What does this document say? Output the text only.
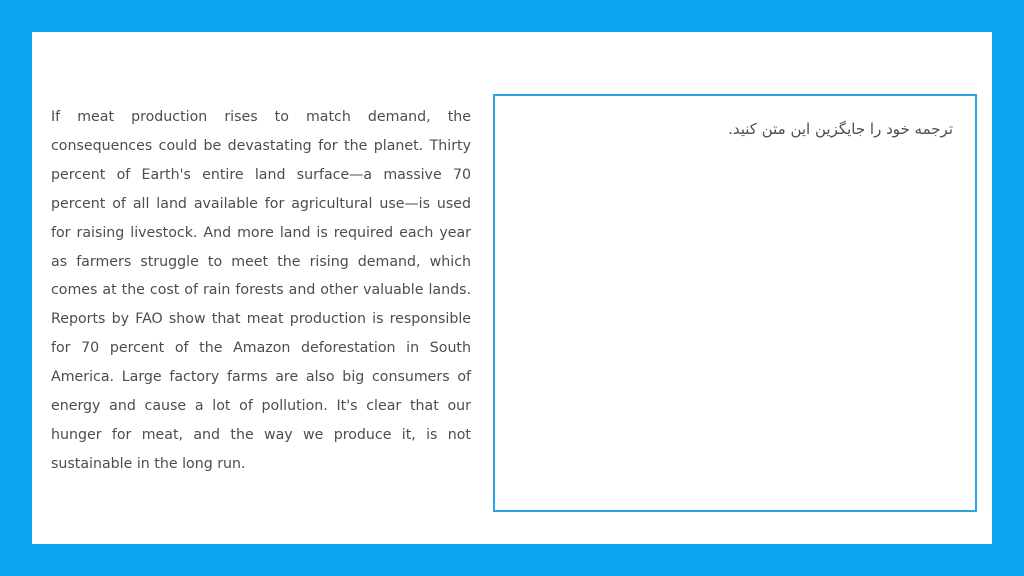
If meat production rises to match demand, the consequences could be devastating for the planet. Thirty percent of Earth's entire land surface—a massive 70 percent of all land available for agricultural use—is used for raising livestock. And more land is required each year as farmers struggle to meet the rising demand, which comes at the cost of rain forests and other valuable lands. Reports by FAO show that meat production is responsible for 70 percent of the Amazon deforestation in South America. Large factory farms are also big consumers of energy and cause a lot of pollution. It's clear that our hunger for meat, and the way we produce it, is not sustainable in the long run.

ترجمه خود را جایگزین این متن کنید.
